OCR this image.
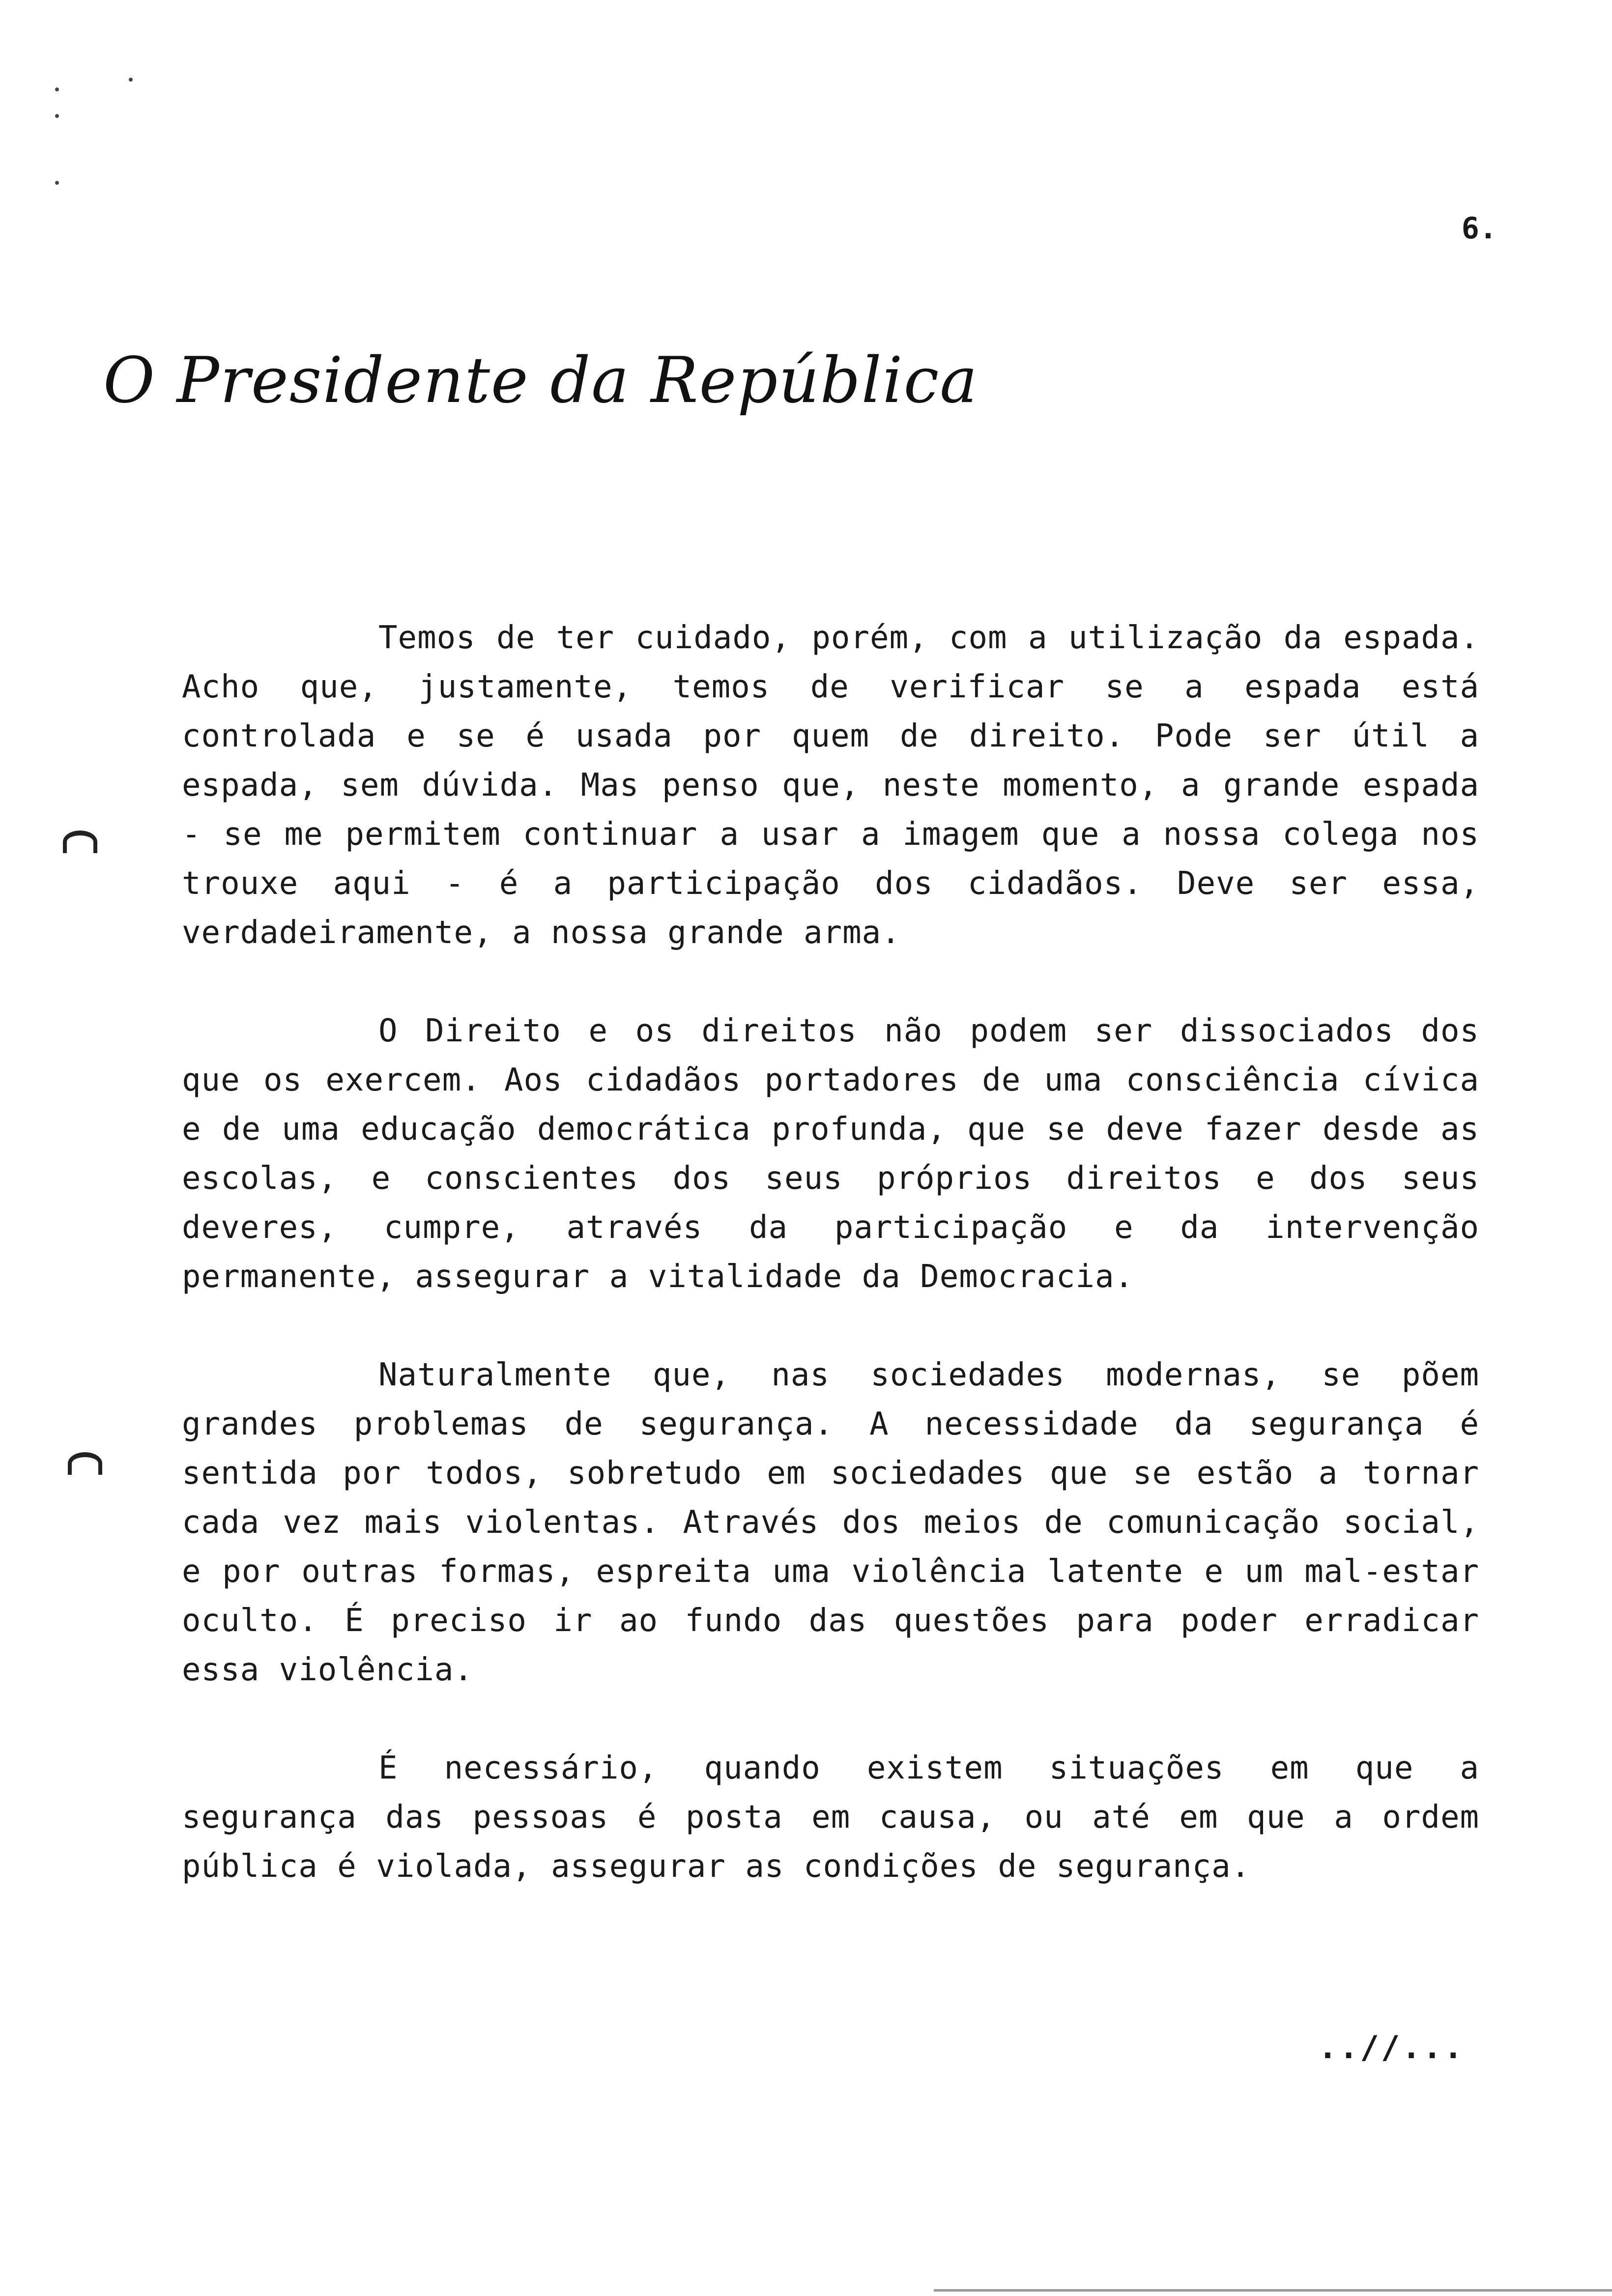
6.
O Presidente da República

Temos de ter cuidado, porém, com a utilização da espada. Acho que, justamente, temos de verificar se a espada está controlada e se é usada por quem de direito. Pode ser útil a espada, sem dúvida. Mas penso que, neste momento, a grande espada - se me permitem continuar a usar a imagem que a nossa colega nos trouxe aqui - é a participação dos cidadãos. Deve ser essa, verdadeiramente, a nossa grande arma.

O Direito e os direitos não podem ser dissociados dos que os exercem. Aos cidadãos portadores de uma consciência cívica e de uma educação democrática profunda, que se deve fazer desde as escolas, e conscientes dos seus próprios direitos e dos seus deveres, cumpre, através da participação e da intervenção permanente, assegurar a vitalidade da Democracia.

Naturalmente que, nas sociedades modernas, se põem grandes problemas de segurança. A necessidade da segurança é sentida por todos, sobretudo em sociedades que se estão a tornar cada vez mais violentas. Através dos meios de comunicação social, e por outras formas, espreita uma violência latente e um mal-estar oculto. É preciso ir ao fundo das questões para poder erradicar essa violência.

É necessário, quando existem situações em que a segurança das pessoas é posta em causa, ou até em que a ordem pública é violada, assegurar as condições de segurança.

..//...
